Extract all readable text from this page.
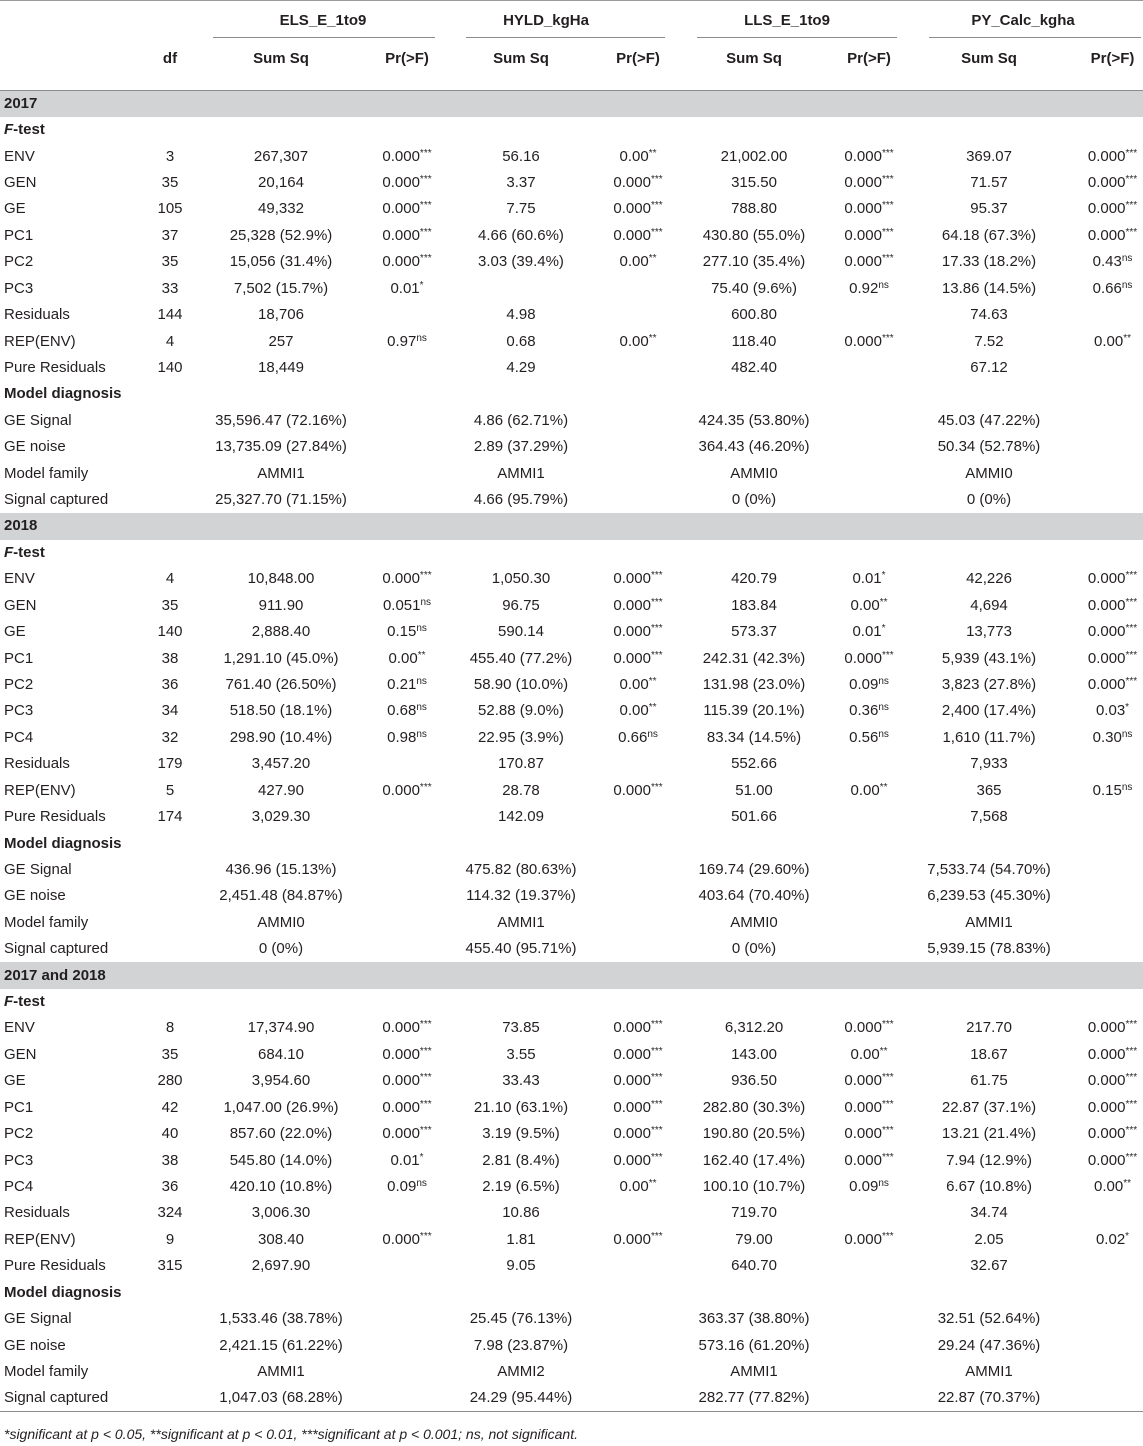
		ELS_E_1to9		HYLD_kgHa		LLS_E_1to9		PY_Calc_kgha	

	df	Sum Sq	Pr(>F)	Sum Sq	Pr(>F)	Sum Sq	Pr(>F)	Sum Sq	Pr(>F)
2017									
F-test									
ENV	3	267,307	0.000***	56.16	0.00**	21,002.00	0.000***	369.07	0.000***
GEN	35	20,164	0.000***	3.37	0.000***	315.50	0.000***	71.57	0.000***
GE	105	49,332	0.000***	7.75	0.000***	788.80	0.000***	95.37	0.000***
PC1	37	25,328 (52.9%)	0.000***	4.66 (60.6%)	0.000***	430.80 (55.0%)	0.000***	64.18 (67.3%)	0.000***
PC2	35	15,056 (31.4%)	0.000***	3.03 (39.4%)	0.00**	277.10 (35.4%)	0.000***	17.33 (18.2%)	$0.43^{ns}$
PC3	33	7,502 (15.7%)	0.01*			75.40 (9.6%)	$0.92^{ns}$	13.86 (14.5%)	$0.66^{ns}$
Residuals	144	18,706		4.98		600.80		74.63	
REP(ENV)	4	257	$0.97^{ns}$	0.68	0.00**	118.40	0.000***	7.52	0.00**
Pure Residuals	140	18,449		4.29		482.40		67.12	
Model diagnosis									
GE Signal		35,596.47 (72.16%)		4.86 (62.71%)		424.35 (53.80%)		45.03 (47.22%)	
GE noise		13,735.09 (27.84%)		2.89 (37.29%)		364.43 (46.20%)		50.34 (52.78%)	
Model family		AMMI1		AMMI1		AMMI0		AMMI0	
Signal captured		25,327.70 (71.15%)		4.66 (95.79%)		0 (0%)		0 (0%)	
2018									
F-test									
ENV	4	10,848.00	0.000***	1,050.30	0.000***	420.79	0.01*	42,226	0.000***
GEN	35	911.90	$0.051^{ns}$	96.75	0.000***	183.84	0.00**	4,694	0.000***
GE	140	2,888.40	$0.15^{ns}$	590.14	0.000***	573.37	0.01*	13,773	0.000***
PC1	38	1,291.10 (45.0%)	0.00**	455.40 (77.2%)	0.000***	242.31 (42.3%)	0.000***	5,939 (43.1%)	0.000***
PC2	36	761.40 (26.50%)	$0.21^{ns}$	58.90 (10.0%)	0.00**	131.98 (23.0%)	$0.09^{ns}$	3,823 (27.8%)	0.000***
PC3	34	518.50 (18.1%)	$0.68^{ns}$	52.88 (9.0%)	0.00**	115.39 (20.1%)	$0.36^{ns}$	2,400 (17.4%)	0.03*
PC4	32	298.90 (10.4%)	$0.98^{ns}$	22.95 (3.9%)	$0.66^{ns}$	83.34 (14.5%)	$0.56^{ns}$	1,610 (11.7%)	$0.30^{ns}$
Residuals	179	3,457.20		170.87		552.66		7,933	
REP(ENV)	5	427.90	0.000***	28.78	0.000***	51.00	0.00**	365	$0.15^{ns}$
Pure Residuals	174	3,029.30		142.09		501.66		7,568	
Model diagnosis									
GE Signal		436.96 (15.13%)		475.82 (80.63%)		169.74 (29.60%)		7,533.74 (54.70%)	
GE noise		2,451.48 (84.87%)		114.32 (19.37%)		403.64 (70.40%)		6,239.53 (45.30%)	
Model family		AMMI0		AMMI1		AMMI0		AMMI1	
Signal captured		0 (0%)		455.40 (95.71%)		0 (0%)		5,939.15 (78.83%)	
2017 and 2018									
F-test									
ENV	8	17,374.90	0.000***	73.85	0.000***	6,312.20	0.000***	217.70	0.000***
GEN	35	684.10	0.000***	3.55	0.000***	143.00	0.00**	18.67	0.000***
GE	280	3,954.60	0.000***	33.43	0.000***	936.50	0.000***	61.75	0.000***
PC1	42	1,047.00 (26.9%)	0.000***	21.10 (63.1%)	0.000***	282.80 (30.3%)	0.000***	22.87 (37.1%)	0.000***
PC2	40	857.60 (22.0%)	0.000***	3.19 (9.5%)	0.000***	190.80 (20.5%)	0.000***	13.21 (21.4%)	0.000***
PC3	38	545.80 (14.0%)	0.01*	2.81 (8.4%)	0.000***	162.40 (17.4%)	0.000***	7.94 (12.9%)	0.000***
PC4	36	420.10 (10.8%)	$0.09^{ns}$	2.19 (6.5%)	0.00**	100.10 (10.7%)	$0.09^{ns}$	6.67 (10.8%)	0.00**
Residuals	324	3,006.30		10.86		719.70		34.74	
REP(ENV)	9	308.40	0.000***	1.81	0.000***	79.00	0.000***	2.05	0.02*
Pure Residuals	315	2,697.90		9.05		640.70		32.67	
Model diagnosis									
GE Signal		1,533.46 (38.78%)		25.45 (76.13%)		363.37 (38.80%)		32.51 (52.64%)	
GE noise		2,421.15 (61.22%)		7.98 (23.87%)		573.16 (61.20%)		29.24 (47.36%)	
Model family		AMMI1		AMMI2		AMMI1		AMMI1	
Signal captured		1,047.03 (68.28%)		24.29 (95.44%)		282.77 (77.82%)		22.87 (70.37%)	
*significant at p < 0.05, **significant at p < 0.01, ***significant at p < 0.001; ns, not significant.
